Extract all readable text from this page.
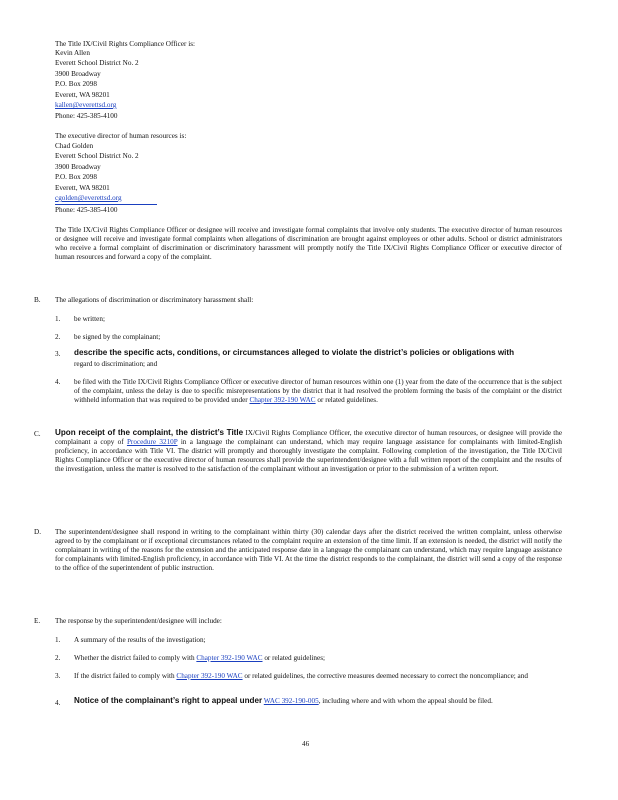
The Title IX/Civil Rights Compliance Officer is:
Kevin Allen
Everett School District No. 2
3900 Broadway
P.O. Box 2098
Everett, WA 98201
kallen@everettsd.org
Phone: 425-385-4100
The executive director of human resources is:
Chad Golden
Everett School District No. 2
3900 Broadway
P.O. Box 2098
Everett, WA 98201
cgolden@everettsd.org
Phone: 425-385-4100
The Title IX/Civil Rights Compliance Officer or designee will receive and investigate formal complaints that involve only students. The executive director of human resources or designee will receive and investigate formal complaints when allegations of discrimination are brought against employees or other adults. School or district administrators who receive a formal complaint of discrimination or discriminatory harassment will promptly notify the Title IX/Civil Rights Compliance Officer or executive director of human resources and forward a copy of the complaint.
B. The allegations of discrimination or discriminatory harassment shall:
1. be written;
2. be signed by the complainant;
3. describe the specific acts, conditions, or circumstances alleged to violate the district’s policies or obligations with
regard to discrimination; and
4. be filed with the Title IX/Civil Rights Compliance Officer or executive director of human resources within one (1) year from the date of the occurrence that is the subject of the complaint, unless the delay is due to specific misrepresentations by the district that it had resolved the problem forming the basis of the complaint or the district withheld information that was required to be provided under Chapter 392-190 WAC or related guidelines.
C. Upon receipt of the complaint, the district’s Title IX/Civil Rights Compliance Officer, the executive director of human resources, or designee will provide the complainant a copy of Procedure 3210P in a language the complainant can understand, which may require language assistance for complainants with limited-English proficiency, in accordance with Title VI. The district will promptly and thoroughly investigate the complaint. Following completion of the investigation, the Title IX/Civil Rights Compliance Officer or the executive director of human resources shall provide the superintendent/designee with a full written report of the complaint and the results of the investigation, unless the matter is resolved to the satisfaction of the complainant without an investigation or prior to the submission of a written report.
D. The superintendent/designee shall respond in writing to the complainant within thirty (30) calendar days after the district received the written complaint, unless otherwise agreed to by the complainant or if exceptional circumstances related to the complaint require an extension of the time limit. If an extension is needed, the district will notify the complainant in writing of the reasons for the extension and the anticipated response date in a language the complainant can understand, which may require language assistance for complainants with limited-English proficiency, in accordance with Title VI. At the time the district responds to the complainant, the district will send a copy of the response to the office of the superintendent of public instruction.
E. The response by the superintendent/designee will include:
1. A summary of the results of the investigation;
2. Whether the district failed to comply with Chapter 392-190 WAC or related guidelines;
3. If the district failed to comply with Chapter 392-190 WAC or related guidelines, the corrective measures deemed necessary to correct the noncompliance; and
4. Notice of the complainant’s right to appeal under WAC 392-190-005, including where and with whom the appeal should be filed.
46
